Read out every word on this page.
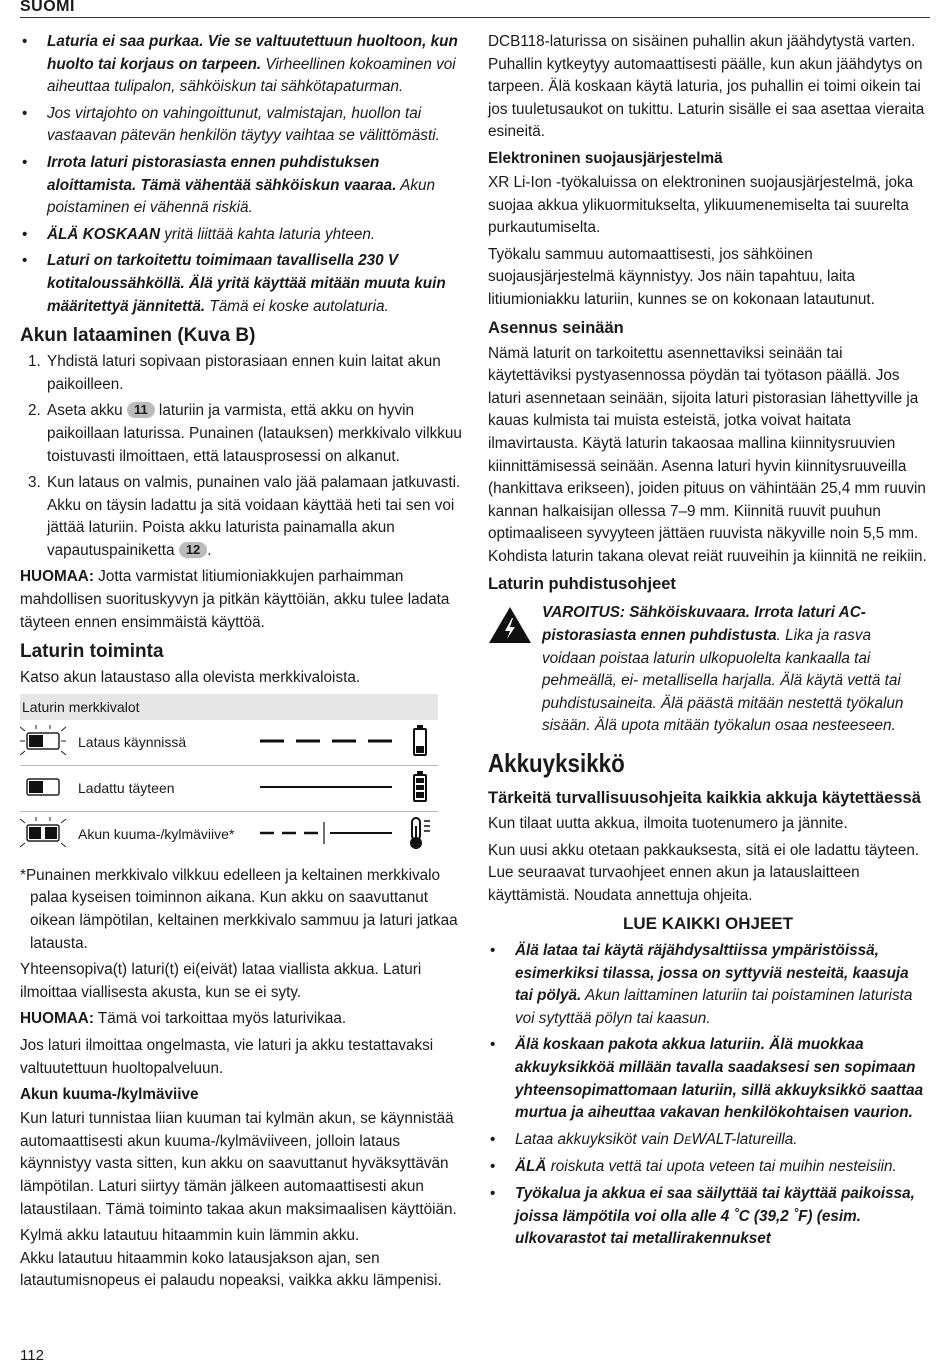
SUOMI
• Laturia ei saa purkaa. Vie se valtuutettuun huoltoon, kun huolto tai korjaus on tarpeen. Virheellinen kokoaminen voi aiheuttaa tulipalon, sähköiskun tai sähkötapaturman.
• Jos virtajohto on vahingoittunut, valmistajan, huollon tai vastaavan pätevän henkilön täytyy vaihtaa se välittömästi.
• Irrota laturi pistorasiasta ennen puhdistuksen aloittamista. Tämä vähentää sähköiskun vaaraa. Akun poistaminen ei vähennä riskiä.
• ÄLÄ KOSKAAN yritä liittää kahta laturia yhteen.
• Laturi on tarkoitettu toimimaan tavallisella 230 V kotitaloussähköllä. Älä yritä käyttää mitään muuta kuin määritettyä jännitettä. Tämä ei koske autolaturia.
Akun lataaminen (Kuva B)
1. Yhdistä laturi sopivaan pistorasiaan ennen kuin laitat akun paikoilleen.
2. Aseta akku 11 laturiin ja varmista, että akku on hyvin paikoillaan laturissa. Punainen (latauksen) merkkivalo vilkkuu toistuvasti ilmoittaen, että latausprosessi on alkanut.
3. Kun lataus on valmis, punainen valo jää palamaan jatkuvasti. Akku on täysin ladattu ja sitä voidaan käyttää heti tai sen voi jättää laturiin. Poista akku laturista painamalla akun vapautuspainiketta 12 .

HUOMAA: Jotta varmistat litiumioniakkujen parhaimman mahdollisen suorituskyvyn ja pitkän käyttöiän, akku tulee ladata täyteen ennen ensimmäistä käyttöä.

Laturin toiminta

Katso akun lataustaso alla olevista merkkivaloista.

Laturin merkkivalot
Lataus käynnissä
Ladattu täyteen
Akun kuuma-/kylmäviive*

*Punainen merkkivalo vilkkuu edelleen ja keltainen merkkivalo palaa kyseisen toiminnon aikana. Kun akku on saavuttanut oikean lämpötilan, keltainen merkkivalo sammuu ja laturi jatkaa latausta.

Yhteensopiva(t) laturi(t) ei(eivät) lataa viallista akkua. Laturi ilmoittaa viallisesta akusta, kun se ei syty.

HUOMAA: Tämä voi tarkoittaa myös laturivikaa.

Jos laturi ilmoittaa ongelmasta, vie laturi ja akku testattavaksi valtuutettuun huoltopalveluun.

Akun kuuma-/kylmäviive

Kun laturi tunnistaa liian kuuman tai kylmän akun, se käynnistää automaattisesti akun kuuma-/kylmäviiveen, jolloin lataus käynnistyy vasta sitten, kun akku on saavuttanut hyväksyttävän lämpötilan. Laturi siirtyy tämän jälkeen automaattisesti akun lataustilaan. Tämä toiminto takaa akun maksimaalisen käyttöiän.

Kylmä akku latautuu hitaammin kuin lämmin akku.

Akku latautuu hitaammin koko latausjakson ajan, sen latautumisnopeus ei palaudu nopeaksi, vaikka akku lämpenisi.

DCB118-laturissa on sisäinen puhallin akun jäähdytystä varten. Puhallin kytkeytyy automaattisesti päälle, kun akun jäähdytys on tarpeen. Älä koskaan käytä laturia, jos puhallin ei toimi oikein tai jos tuuletusaukot on tukittu. Laturin sisälle ei saa asettaa vieraita esineitä.

Elektroninen suojausjärjestelmä

XR Li-Ion -työkaluissa on elektroninen suojausjärjestelmä, joka suojaa akkua ylikuormitukselta, ylikuumenemiselta tai suurelta purkautumiselta.

Työkalu sammuu automaattisesti, jos sähköinen suojausjärjestelmä käynnistyy. Jos näin tapahtuu, laita litiumioniakku laturiin, kunnes se on kokonaan latautunut.

Asennus seinään

Nämä laturit on tarkoitettu asennettaviksi seinään tai käytettäviksi pystyasennossa pöydän tai työtason päällä. Jos laturi asennetaan seinään, sijoita laturi pistorasian lähettyville ja kauas kulmista tai muista esteistä, jotka voivat haitata ilmavirtausta. Käytä laturin takaosaa mallina kiinnitysruuvien kiinnittämisessä seinään. Asenna laturi hyvin kiinnitysruuveilla (hankittava erikseen), joiden pituus on vähintään 25,4 mm ruuvin kannan halkaisijan ollessa 7–9 mm. Kiinnitä ruuvit puuhun optimaaliseen syvyyteen jättäen ruuvista näkyville noin 5,5 mm. Kohdista laturin takana olevat reiät ruuveihin ja kiinnitä ne reikiin.

Laturin puhdistusohjeet
VAROITUS: Sähköiskuvaara. Irrota laturi AC-pistorasiasta ennen puhdistusta. Lika ja rasva voidaan poistaa laturin ulkopuolelta kankaalla tai pehmeällä, ei- metallisella harjalla. Älä käytä vettä tai puhdistusaineita. Älä päästä mitään nestettä työkalun sisään. Älä upota mitään työkalun osaa nesteeseen.
Akkuyksikkö
Tärkeitä turvallisuusohjeita kaikkia akkuja käytettäessä

Kun tilaat uutta akkua, ilmoita tuotenumero ja jännite.

Kun uusi akku otetaan pakkauksesta, sitä ei ole ladattu täyteen. Lue seuraavat turvaohjeet ennen akun ja latauslaitteen käyttämistä. Noudata annettuja ohjeita.

LUE KAIKKI OHJEET
• Älä lataa tai käytä räjähdysalttiissa ympäristöissä, esimerkiksi tilassa, jossa on syttyviä nesteitä, kaasuja tai pölyä. Akun laittaminen laturiin tai poistaminen laturista voi sytyttää pölyn tai kaasun.
• Älä koskaan pakota akkua laturiin. Älä muokkaa akkuyksikköä millään tavalla saadaksesi sen sopimaan yhteensopimattomaan laturiin, sillä akkuyksikkö saattaa murtua ja aiheuttaa vakavan henkilökohtaisen vaurion.
• Lataa akkuyksiköt vain DEWALT-latureilla.
• ÄLÄ roiskuta vettä tai upota veteen tai muihin nesteisiin.
• Työkalua ja akkua ei saa säilyttää tai käyttää paikoissa, joissa lämpötila voi olla alle 4 ˚C (39,2 ˚F) (esim. ulkovarastot tai metallirakennukset
112
